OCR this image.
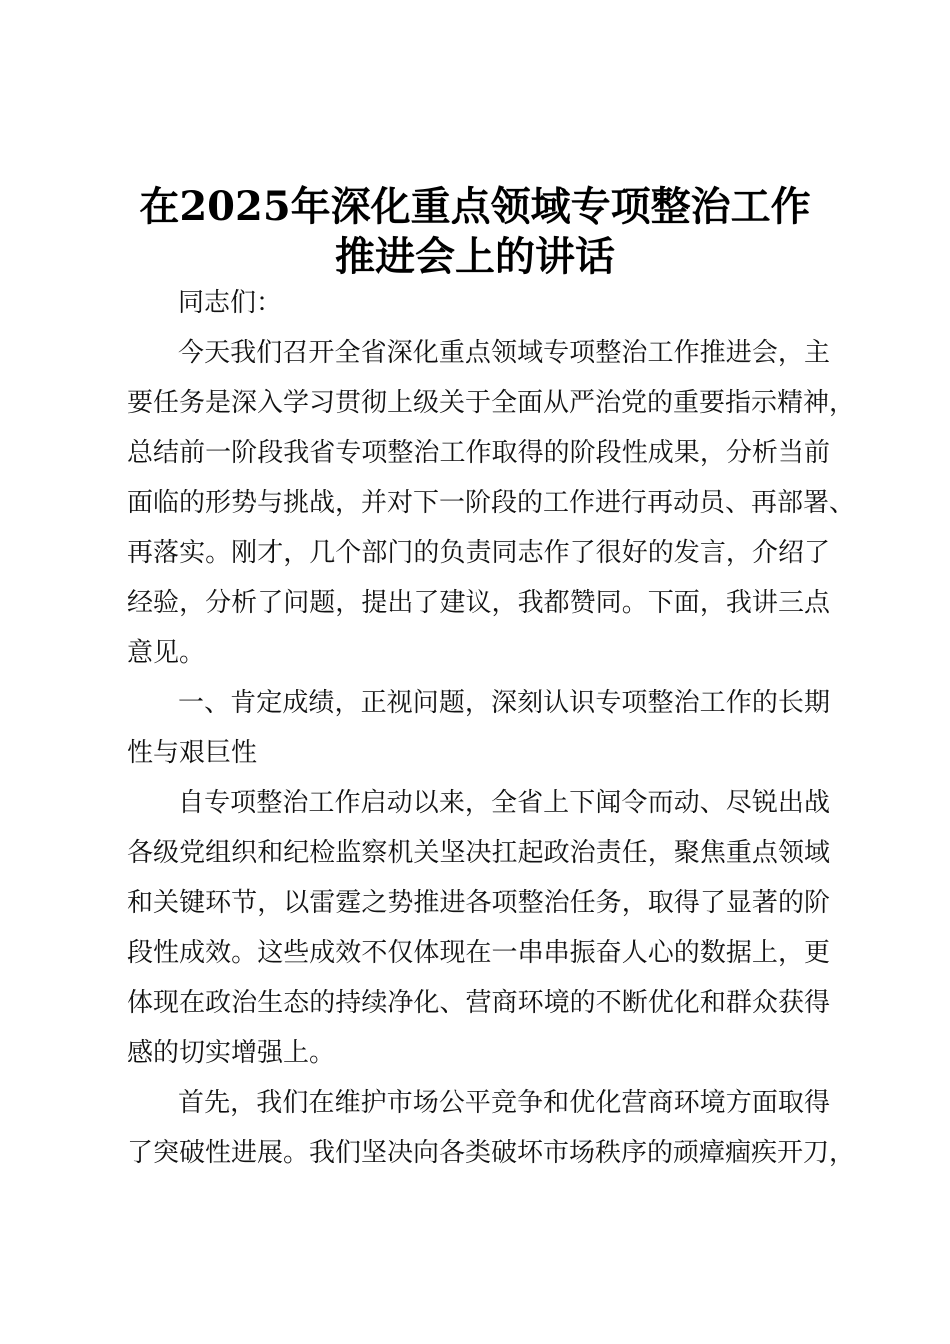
在2025年深化重点领域专项整治工作
推进会上的讲话
同志们：
今天我们召开全省深化重点领域专项整治工作推进会，主
要任务是深入学习贯彻上级关于全面从严治党的重要指示精神，
总结前一阶段我省专项整治工作取得的阶段性成果，分析当前
面临的形势与挑战，并对下一阶段的工作进行再动员、再部署、
再落实。刚才，几个部门的负责同志作了很好的发言，介绍了
经验，分析了问题，提出了建议，我都赞同。下面，我讲三点
意见。
一、肯定成绩，正视问题，深刻认识专项整治工作的长期
性与艰巨性
自专项整治工作启动以来，全省上下闻令而动、尽锐出战
各级党组织和纪检监察机关坚决扛起政治责任，聚焦重点领域
和关键环节，以雷霆之势推进各项整治任务，取得了显著的阶
段性成效。这些成效不仅体现在一串串振奋人心的数据上，更
体现在政治生态的持续净化、营商环境的不断优化和群众获得
感的切实增强上。
首先，我们在维护市场公平竞争和优化营商环境方面取得
了突破性进展。我们坚决向各类破坏市场秩序的顽瘴痼疾开刀，
